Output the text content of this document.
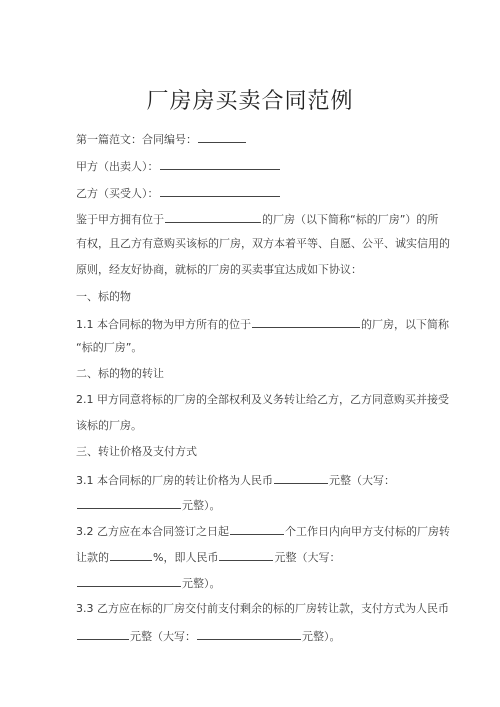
厂房房买卖合同范例
第一篇范文：合同编号：
甲方（出卖人）：
乙方（买受人）：
鉴于甲方拥有位于	的厂房（以下简称“标的厂房”）的所
有权，且乙方有意购买该标的厂房，双方本着平等、自愿、公平、诚实信用的
原则，经友好协商，就标的厂房的买卖事宜达成如下协议：
一、标的物
1.1 本合同标的物为甲方所有的位于	的厂房，以下简称
“标的厂房”。
二、标的物的转让
2.1 甲方同意将标的厂房的全部权利及义务转让给乙方，乙方同意购买并接受
该标的厂房。
三、转让价格及支付方式
3.1 本合同标的厂房的转让价格为人民币	元整（大写：
元整）。
3.2 乙方应在本合同签订之日起	个工作日内向甲方支付标的厂房转
让款的	%，即人民币	元整（大写：
元整）。
3.3 乙方应在标的厂房交付前支付剩余的标的厂房转让款，支付方式为人民币
元整（大写：	元整）。
